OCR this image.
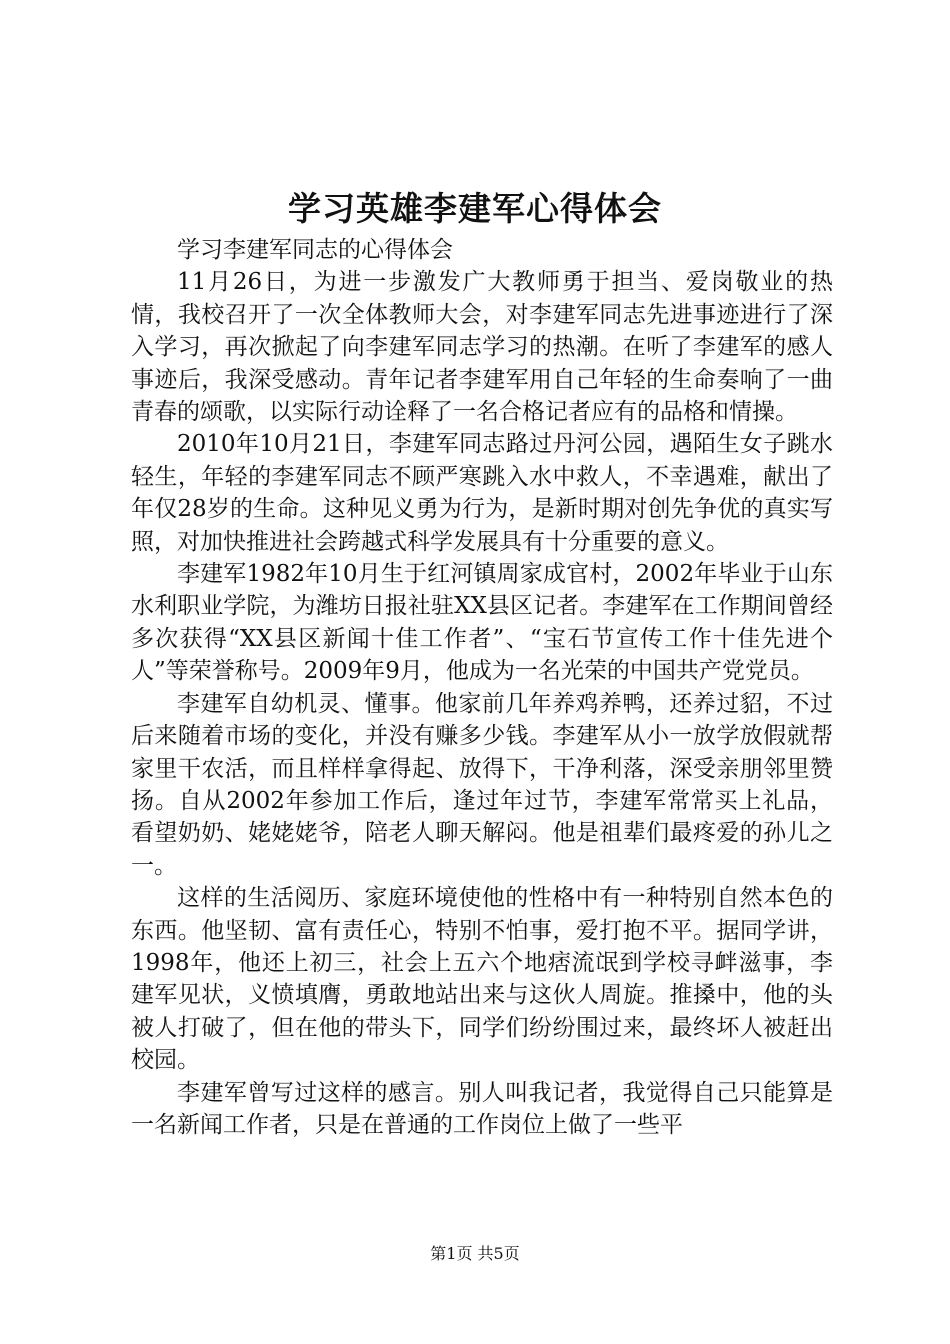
学习英雄李建军心得体会

学习李建军同志的心得体会

11月26日，为进一步激发广大教师勇于担当、爱岗敬业的热情，我校召开了一次全体教师大会，对李建军同志先进事迹进行了深入学习，再次掀起了向李建军同志学习的热潮。在听了李建军的感人事迹后，我深受感动。青年记者李建军用自己年轻的生命奏响了一曲青春的颂歌，以实际行动诠释了一名合格记者应有的品格和情操。

2010年10月21日，李建军同志路过丹河公园，遇陌生女子跳水轻生，年轻的李建军同志不顾严寒跳入水中救人，不幸遇难，献出了年仅28岁的生命。这种见义勇为行为，是新时期对创先争优的真实写照，对加快推进社会跨越式科学发展具有十分重要的意义。

李建军1982年10月生于红河镇周家成官村，2002年毕业于山东水利职业学院，为潍坊日报社驻XX县区记者。李建军在工作期间曾经多次获得“XX县区新闻十佳工作者”、“宝石节宣传工作十佳先进个人”等荣誉称号。2009年9月，他成为一名光荣的中国共产党党员。

李建军自幼机灵、懂事。他家前几年养鸡养鸭，还养过貂，不过后来随着市场的变化，并没有赚多少钱。李建军从小一放学放假就帮家里干农活，而且样样拿得起、放得下，干净利落，深受亲朋邻里赞扬。自从2002年参加工作后，逢过年过节，李建军常常买上礼品，看望奶奶、姥姥姥爷，陪老人聊天解闷。他是祖辈们最疼爱的孙儿之一。

这样的生活阅历、家庭环境使他的性格中有一种特别自然本色的东西。他坚韧、富有责任心，特别不怕事，爱打抱不平。据同学讲，1998年，他还上初三，社会上五六个地痞流氓到学校寻衅滋事，李建军见状，义愤填膺，勇敢地站出来与这伙人周旋。推搡中，他的头被人打破了，但在他的带头下，同学们纷纷围过来，最终坏人被赶出校园。

李建军曾写过这样的感言。别人叫我记者，我觉得自己只能算是一名新闻工作者，只是在普通的工作岗位上做了一些平

第1页 共5页
